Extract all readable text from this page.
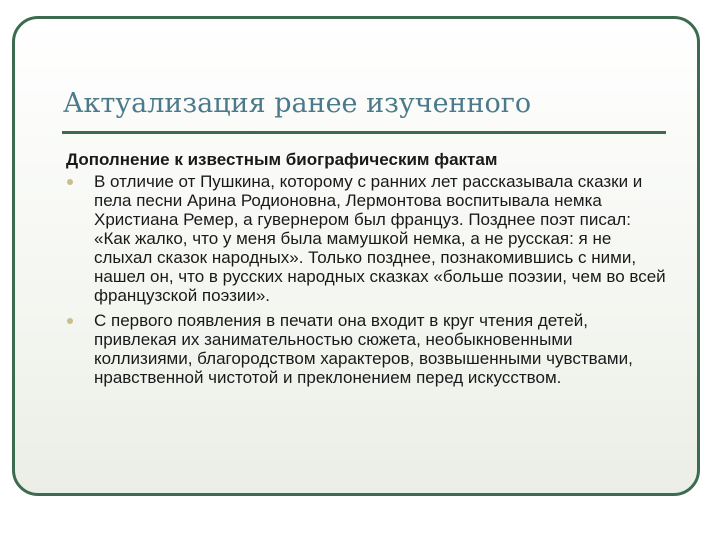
Актуализация ранее изученного
Дополнение к известным биографическим фактам
В отличие от Пушкина, которому с ранних лет рассказывала сказки и пела песни Арина Родионовна, Лермонтова воспитывала немка Христиана Ремер, а гувернером был француз. Позднее поэт писал: «Как жалко, что у меня была мамушкой немка, а не русская: я не слыхал сказок народных». Только позднее, познакомившись с ними, нашел он, что в русских народных сказках «больше поэзии, чем во всей французской поэзии».
С первого появления в печати она входит в круг чтения детей, привлекая их занимательностью сюжета, необыкновенными коллизиями, благородством характеров, возвышенными чувствами, нравственной чистотой и преклонением перед искусством.
